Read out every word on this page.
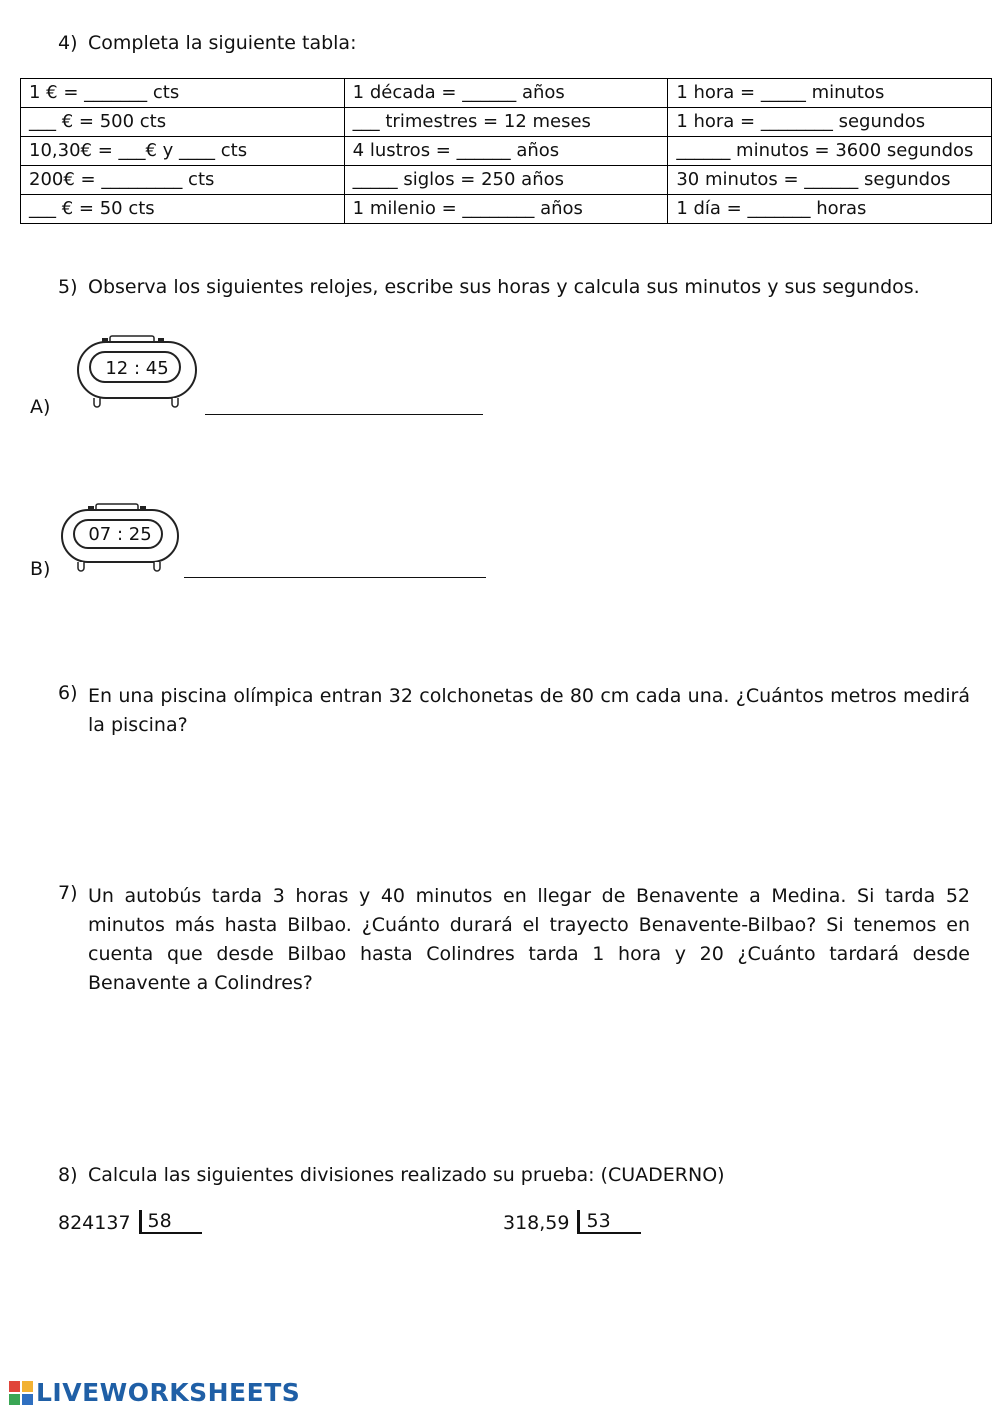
4) Completa la siguiente tabla:
1 € = _______ cts	1 década = ______ años	1 hora = _____ minutos
___ € = 500 cts	___ trimestres = 12 meses	1 hora = ________ segundos
10,30€ = ___€ y ____ cts	4 lustros = ______ años	______ minutos = 3600 segundos
200€ = _________ cts	_____ siglos = 250 años	30 minutos = ______ segundos
___ € = 50 cts	1 milenio = ________ años	1 día = _______ horas
5) Observa los siguientes relojes, escribe sus horas y calcula sus minutos y sus segundos.
A)
12 : 45
B)
07 : 25
6) En una piscina olímpica entran 32 colchonetas de 80 cm cada una. ¿Cuántos metros medirá la piscina?
7) Un autobús tarda 3 horas y 40 minutos en llegar de Benavente a Medina. Si tarda 52 minutos más hasta Bilbao. ¿Cuánto durará el trayecto Benavente-Bilbao? Si tenemos en cuenta que desde Bilbao hasta Colindres tarda 1 hora y 20 ¿Cuánto tardará desde Benavente a Colindres?
8) Calcula las siguientes divisiones realizado su prueba: (CUADERNO)
824137 58	318,59 53
LIVEWORKSHEETS
